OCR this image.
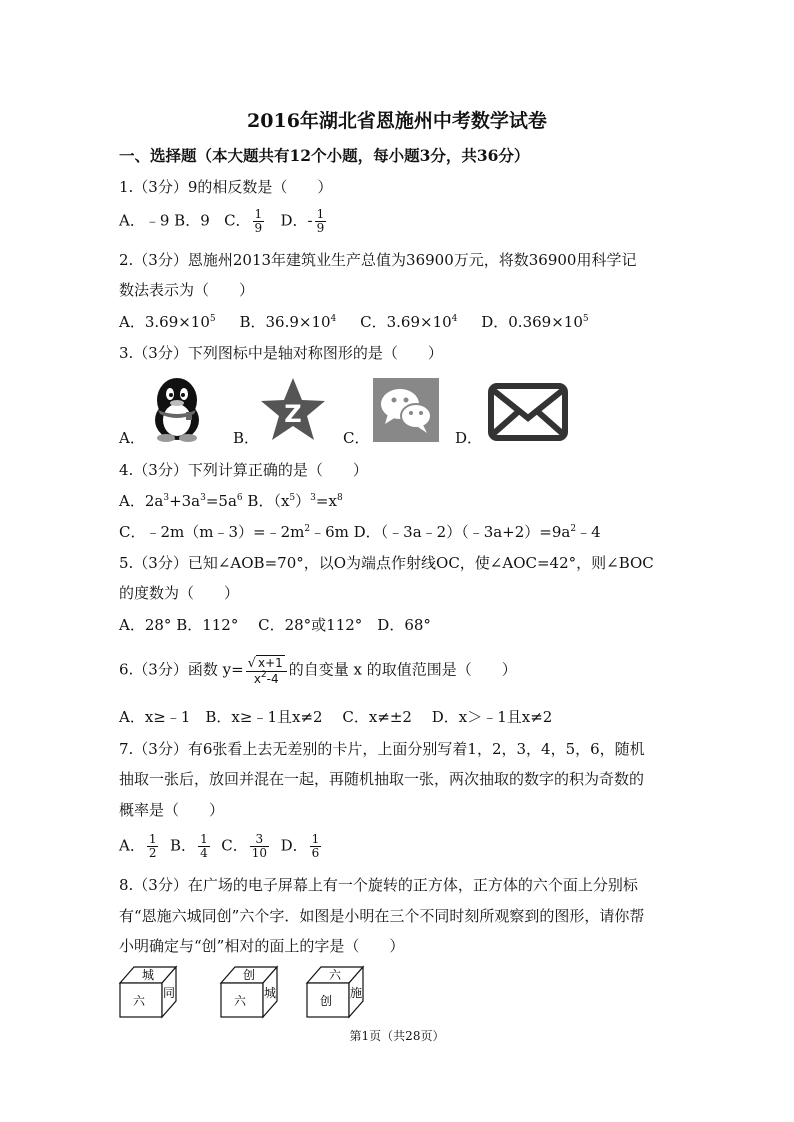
2016年湖北省恩施州中考数学试卷
一、选择题（本大题共有12个小题，每小题3分，共36分）
1.（3分）9的相反数是（　　）
A．﹣9 B．9 C． $\frac{1}{9}$ D．- $\frac{1}{9}$
2.（3分）恩施州2013年建筑业生产总值为36900万元，将数36900用科学记
数法表示为（　　）
A．$3.69\times 10^5$ B．$36.9\times 10^4$ C．$3.69\times 10^4$ D．$0.369\times 10^5$
3.（3分）下列图标中是轴对称图形的是（　　）
A．	B．	C．	D．
Z
4.（3分）下列计算正确的是（　　）
A．$2a^3+3a^3=5a^6$ B．$(x^5)^3=x^8$
C．$﹣2m(m﹣3)=﹣2m^2﹣6m$ D．$(﹣3a﹣2)(﹣3a+2)=9a^2﹣4$
5.（3分）已知∠AOB=70°，以O为端点作射线OC，使∠AOC=42°，则∠BOC
的度数为（　　）
A．28° B．112°　 C．28°或112°　D．68°
6.（3分）函数 $y= \frac{√ x+1}{x^2-4}$ 的自变量 x 的取值范围是（　　）
A．x≥﹣1　B．x≥﹣1且x≠2　 C．x≠±2　 D．x＞﹣1且x≠2
7.（3分）有6张看上去无差别的卡片，上面分别写着1，2，3，4，5，6，随机
抽取一张后，放回并混在一起，再随机抽取一张，两次抽取的数字的积为奇数的
概率是（　　）
A． $\frac{1}{2}$ B． $\frac{1}{4}$ C． $\frac{3}{10}$ D． $\frac{1}{6}$
8.（3分）在广场的电子屏幕上有一个旋转的正方体，正方体的六个面上分别标
有“恩施六城同创”六个字．如图是小明在三个不同时刻所观察到的图形，请你帮
小明确定与“创”相对的面上的字是（　　）
城
六
同
创
六
城
六
创
施
第1页（共28页）
